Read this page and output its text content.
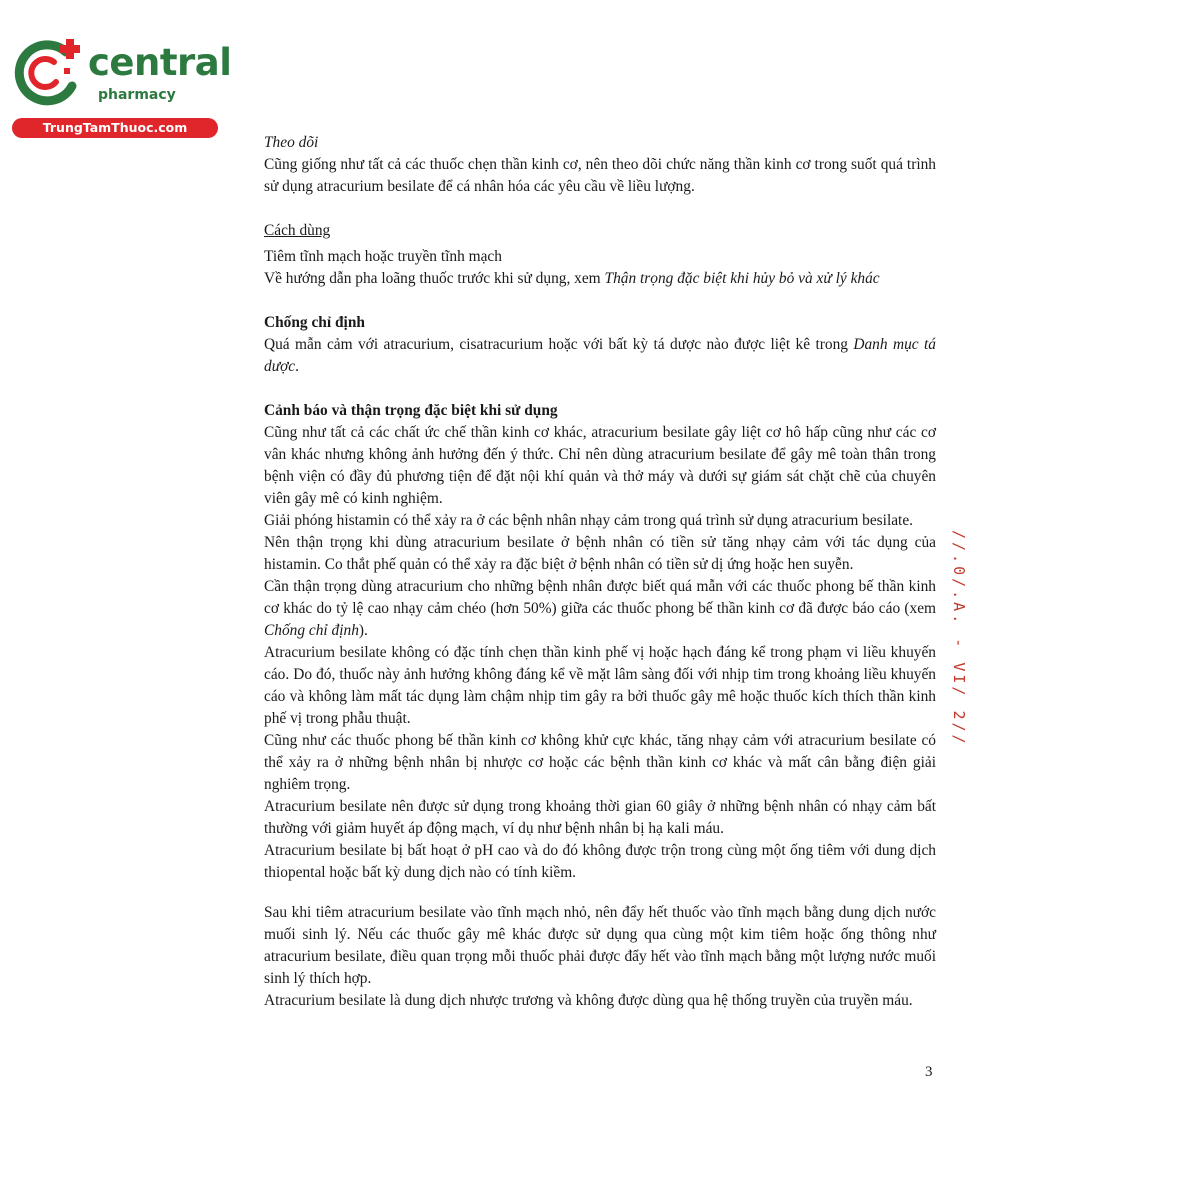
central
pharmacy
TrungTamThuoc.com

Theo dõi

Cũng giống như tất cả các thuốc chẹn thần kinh cơ, nên theo dõi chức năng thần kinh cơ trong suốt quá trình sử dụng atracurium besilate để cá nhân hóa các yêu cầu về liều lượng.

Cách dùng

Tiêm tĩnh mạch hoặc truyền tĩnh mạch

Về hướng dẫn pha loãng thuốc trước khi sử dụng, xem Thận trọng đặc biệt khi hủy bỏ và xử lý khác

Chống chỉ định

Quá mẫn cảm với atracurium, cisatracurium hoặc với bất kỳ tá dược nào được liệt kê trong Danh mục tá dược.

Cảnh báo và thận trọng đặc biệt khi sử dụng

Cũng như tất cả các chất ức chế thần kinh cơ khác, atracurium besilate gây liệt cơ hô hấp cũng như các cơ vân khác nhưng không ảnh hưởng đến ý thức. Chỉ nên dùng atracurium besilate để gây mê toàn thân trong bệnh viện có đầy đủ phương tiện để đặt nội khí quản và thở máy và dưới sự giám sát chặt chẽ của chuyên viên gây mê có kinh nghiệm.

Giải phóng histamin có thể xảy ra ở các bệnh nhân nhạy cảm trong quá trình sử dụng atracurium besilate.

Nên thận trọng khi dùng atracurium besilate ở bệnh nhân có tiền sử tăng nhạy cảm với tác dụng của histamin. Co thắt phế quản có thể xảy ra đặc biệt ở bệnh nhân có tiền sử dị ứng hoặc hen suyễn.

Cần thận trọng dùng atracurium cho những bệnh nhân được biết quá mẫn với các thuốc phong bế thần kinh cơ khác do tỷ lệ cao nhạy cảm chéo (hơn 50%) giữa các thuốc phong bế thần kinh cơ đã được báo cáo (xem Chống chỉ định).

Atracurium besilate không có đặc tính chẹn thần kinh phế vị hoặc hạch đáng kể trong phạm vi liều khuyến cáo. Do đó, thuốc này ảnh hưởng không đáng kể về mặt lâm sàng đối với nhịp tim trong khoảng liều khuyến cáo và không làm mất tác dụng làm chậm nhịp tim gây ra bởi thuốc gây mê hoặc thuốc kích thích thần kinh phế vị trong phẫu thuật.

Cũng như các thuốc phong bế thần kinh cơ không khử cực khác, tăng nhạy cảm với atracurium besilate có thể xảy ra ở những bệnh nhân bị nhược cơ hoặc các bệnh thần kinh cơ khác và mất cân bằng điện giải nghiêm trọng.

Atracurium besilate nên được sử dụng trong khoảng thời gian 60 giây ở những bệnh nhân có nhạy cảm bất thường với giảm huyết áp động mạch, ví dụ như bệnh nhân bị hạ kali máu.

Atracurium besilate bị bất hoạt ở pH cao và do đó không được trộn trong cùng một ống tiêm với dung dịch thiopental hoặc bất kỳ dung dịch nào có tính kiềm.

Sau khi tiêm atracurium besilate vào tĩnh mạch nhỏ, nên đẩy hết thuốc vào tĩnh mạch bằng dung dịch nước muối sinh lý. Nếu các thuốc gây mê khác được sử dụng qua cùng một kim tiêm hoặc ống thông như atracurium besilate, điều quan trọng mỗi thuốc phải được đẩy hết vào tĩnh mạch bằng một lượng nước muối sinh lý thích hợp.

Atracurium besilate là dung dịch nhược trương và không được dùng qua hệ thống truyền của truyền máu.

3
//.0/.A. - VI/ 2//
